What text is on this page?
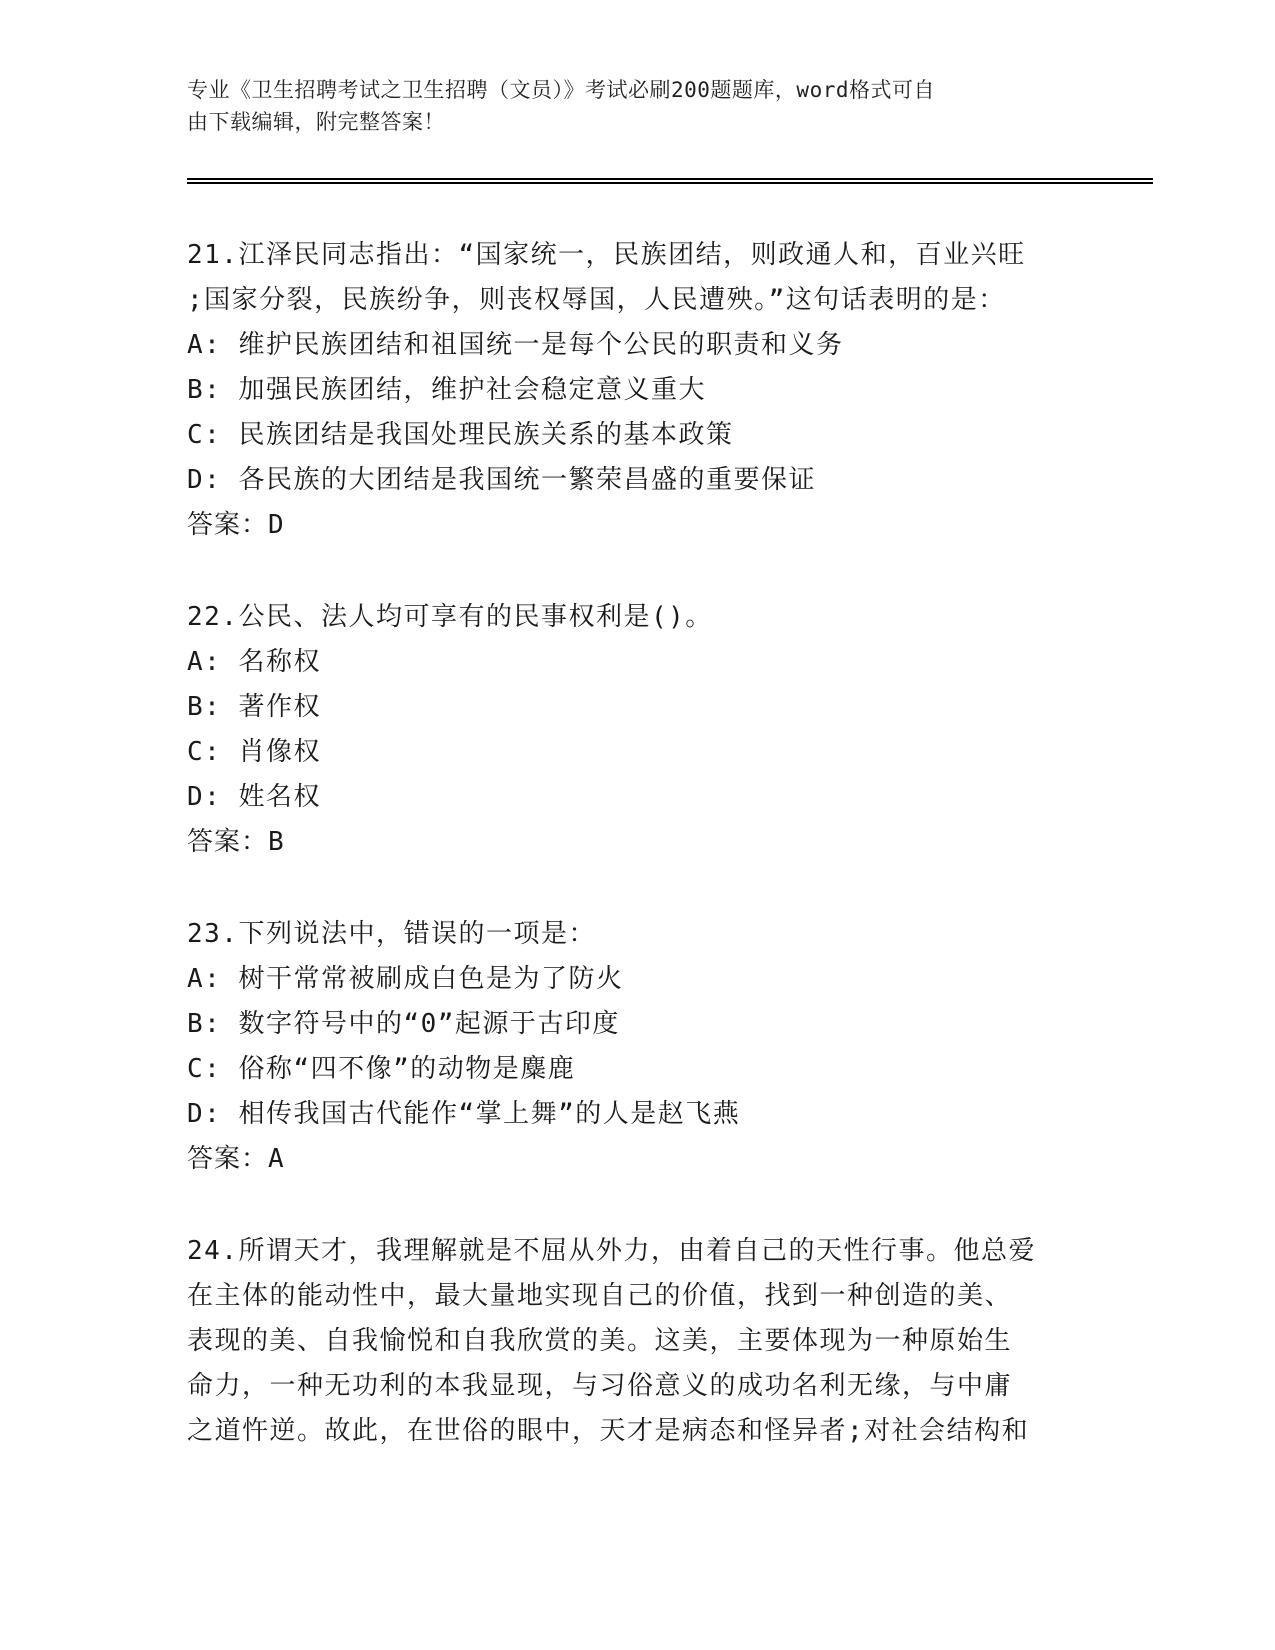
专业《卫生招聘考试之卫生招聘（文员）》考试必刷200题题库，word格式可自
由下载编辑，附完整答案！
21.江泽民同志指出：“国家统一，民族团结，则政通人和，百业兴旺
;国家分裂，民族纷争，则丧权辱国，人民遭殃。”这句话表明的是：
A: 维护民族团结和祖国统一是每个公民的职责和义务
B: 加强民族团结，维护社会稳定意义重大
C: 民族团结是我国处理民族关系的基本政策
D: 各民族的大团结是我国统一繁荣昌盛的重要保证
答案：D
22.公民、法人均可享有的民事权利是()。
A: 名称权
B: 著作权
C: 肖像权
D: 姓名权
答案：B
23.下列说法中，错误的一项是：
A: 树干常常被刷成白色是为了防火
B: 数字符号中的“0”起源于古印度
C: 俗称“四不像”的动物是麋鹿
D: 相传我国古代能作“掌上舞”的人是赵飞燕
答案：A
24.所谓天才，我理解就是不屈从外力，由着自己的天性行事。他总爱
在主体的能动性中，最大量地实现自己的价值，找到一种创造的美、
表现的美、自我愉悦和自我欣赏的美。这美，主要体现为一种原始生
命力，一种无功利的本我显现，与习俗意义的成功名利无缘，与中庸
之道忤逆。故此，在世俗的眼中，天才是病态和怪异者;对社会结构和
